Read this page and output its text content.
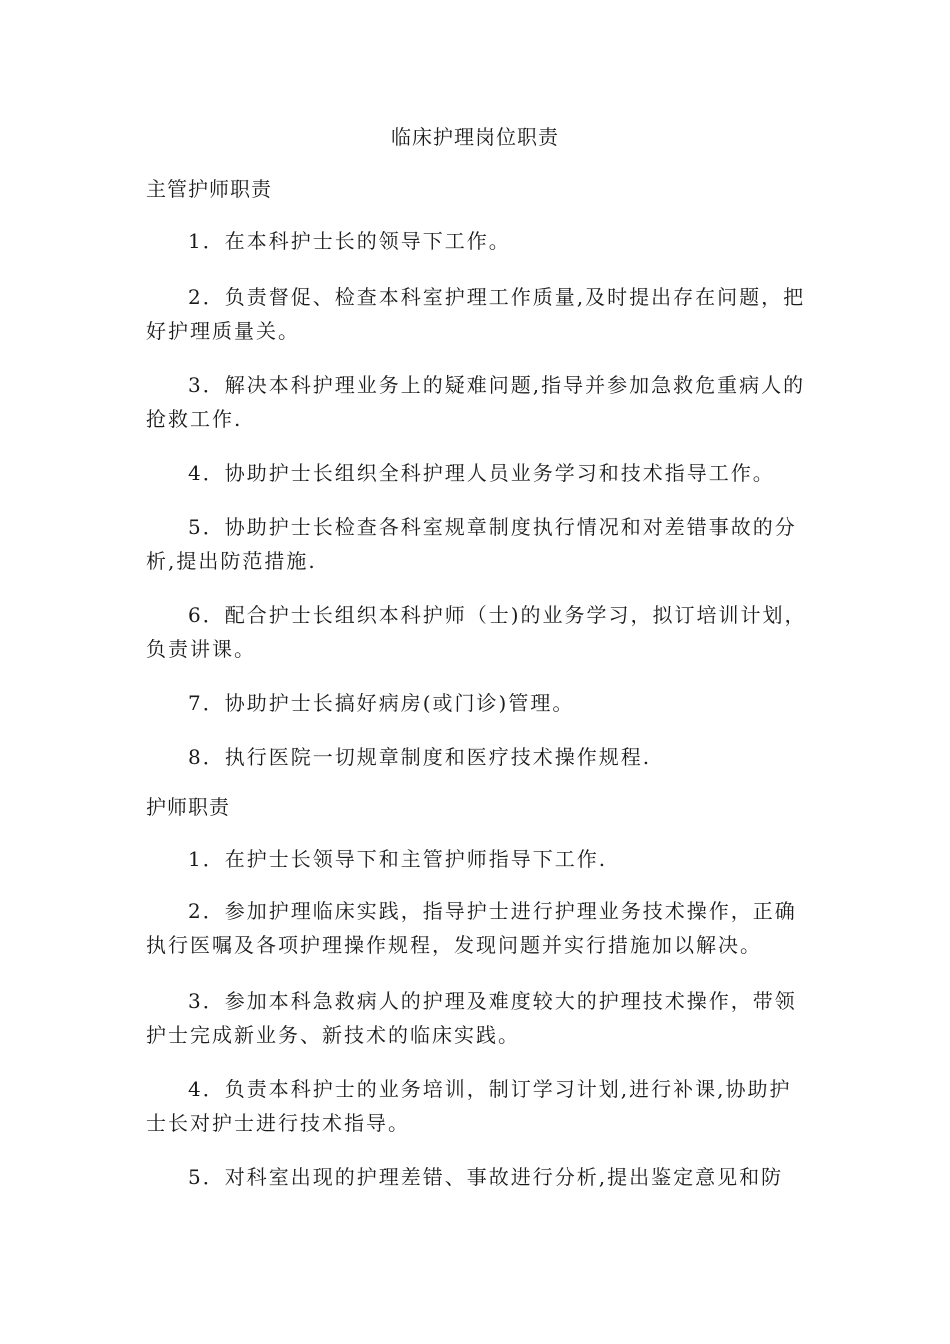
临床护理岗位职责
主管护师职责
1．在本科护士长的领导下工作。
2．负责督促、检查本科室护理工作质量,及时提出存在问题，把好护理质量关。
3．解决本科护理业务上的疑难问题,指导并参加急救危重病人的抢救工作.
4．协助护士长组织全科护理人员业务学习和技术指导工作。
5．协助护士长检查各科室规章制度执行情况和对差错事故的分析,提出防范措施.
6．配合护士长组织本科护师（士)的业务学习，拟订培训计划，负责讲课。
7．协助护士长搞好病房(或门诊)管理。
8．执行医院一切规章制度和医疗技术操作规程.
护师职责
1．在护士长领导下和主管护师指导下工作.
2．参加护理临床实践，指导护士进行护理业务技术操作，正确执行医嘱及各项护理操作规程，发现问题并实行措施加以解决。
3．参加本科急救病人的护理及难度较大的护理技术操作，带领护士完成新业务、新技术的临床实践。
4．负责本科护士的业务培训，制订学习计划,进行补课,协助护士长对护士进行技术指导。
5．对科室出现的护理差错、事故进行分析,提出鉴定意见和防
